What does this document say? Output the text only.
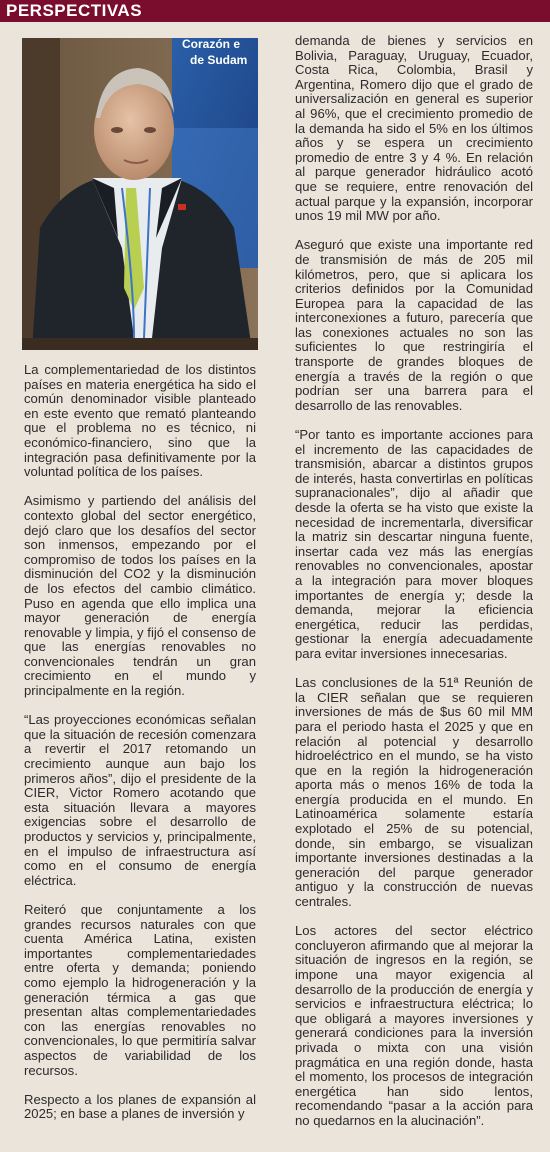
PERSPECTIVAS
Corazón e
de Sudam

La complementariedad de los distintos países en materia energética ha sido el común denominador visible planteado en este evento que remató planteando que el problema no es técnico, ni económico-financiero, sino que la integración pasa definitivamente por la voluntad política de los países.

Asimismo y partiendo del análisis del contexto global del sector energético, dejó claro que los desafíos del sector son inmensos, empezando por el compromiso de todos los países en la disminución del CO2 y la disminución de los efectos del cambio climático. Puso en agenda que ello implica una mayor generación de energía renovable y limpia, y fijó el consenso de que las energías renovables no convencionales tendrán un gran crecimiento en el mundo y principalmente en la región.

“Las proyecciones económicas señalan que la situación de recesión comenzara a revertir el 2017 retomando un crecimiento aunque aun bajo los primeros años”, dijo el presidente de la CIER, Victor Romero acotando que esta situación llevara a mayores exigencias sobre el desarrollo de productos y servicios y, principalmente, en el impulso de infraestructura así como en el consumo de energía eléctrica.

Reiteró que conjuntamente a los grandes recursos naturales con que cuenta América Latina, existen importantes complementariedades entre oferta y demanda; poniendo como ejemplo la hidrogeneración y la generación térmica a gas que presentan altas complementariedades con las energías renovables no convencionales, lo que permitiría salvar aspectos de variabilidad de los recursos.

Respecto a los planes de expansión al 2025; en base a planes de inversión y

demanda de bienes y servicios en Bolivia, Paraguay, Uruguay, Ecuador, Costa Rica, Colombia, Brasil y Argentina, Romero dijo que el grado de universalización en general es superior al 96%, que el crecimiento promedio de la demanda ha sido el 5% en los últimos años y se espera un crecimiento promedio de entre 3 y 4 %. En relación al parque generador hidráulico acotó que se requiere, entre renovación del actual parque y la expansión, incorporar unos 19 mil MW por año.

Aseguró que existe una importante red de transmisión de más de 205 mil kilómetros, pero, que si aplicara los criterios definidos por la Comunidad Europea para la capacidad de las interconexiones a futuro, parecería que las conexiones actuales no son las suficientes lo que restringiría el transporte de grandes bloques de energía a través de la región o que podrían ser una barrera para el desarrollo de las renovables.

“Por tanto es importante acciones para el incremento de las capacidades de transmisión, abarcar a distintos grupos de interés, hasta convertirlas en políticas supranacionales”, dijo al añadir que desde la oferta se ha visto que existe la necesidad de incrementarla, diversificar la matriz sin descartar ninguna fuente, insertar cada vez más las energías renovables no convencionales, apostar a la integración para mover bloques importantes de energía y; desde la demanda, mejorar la eficiencia energética, reducir las perdidas, gestionar la energía adecuadamente para evitar inversiones innecesarias.

Las conclusiones de la 51ª Reunión de la CIER señalan que se requieren inversiones de más de $us 60 mil MM para el periodo hasta el 2025 y que en relación al potencial y desarrollo hidroeléctrico en el mundo, se ha visto que en la región la hidrogeneración aporta más o menos 16% de toda la energía producida en el mundo. En Latinoamérica solamente estaría explotado el 25% de su potencial, donde, sin embargo, se visualizan importante inversiones destinadas a la generación del parque generador antiguo y la construcción de nuevas centrales.

Los actores del sector eléctrico concluyeron afirmando que al mejorar la situación de ingresos en la región, se impone una mayor exigencia al desarrollo de la producción de energía y servicios e infraestructura eléctrica; lo que obligará a mayores inversiones y generará condiciones para la inversión privada o mixta con una visión pragmática en una región donde, hasta el momento, los procesos de integración energética han sido lentos, recomendando “pasar a la acción para no quedarnos en la alucinación”.
